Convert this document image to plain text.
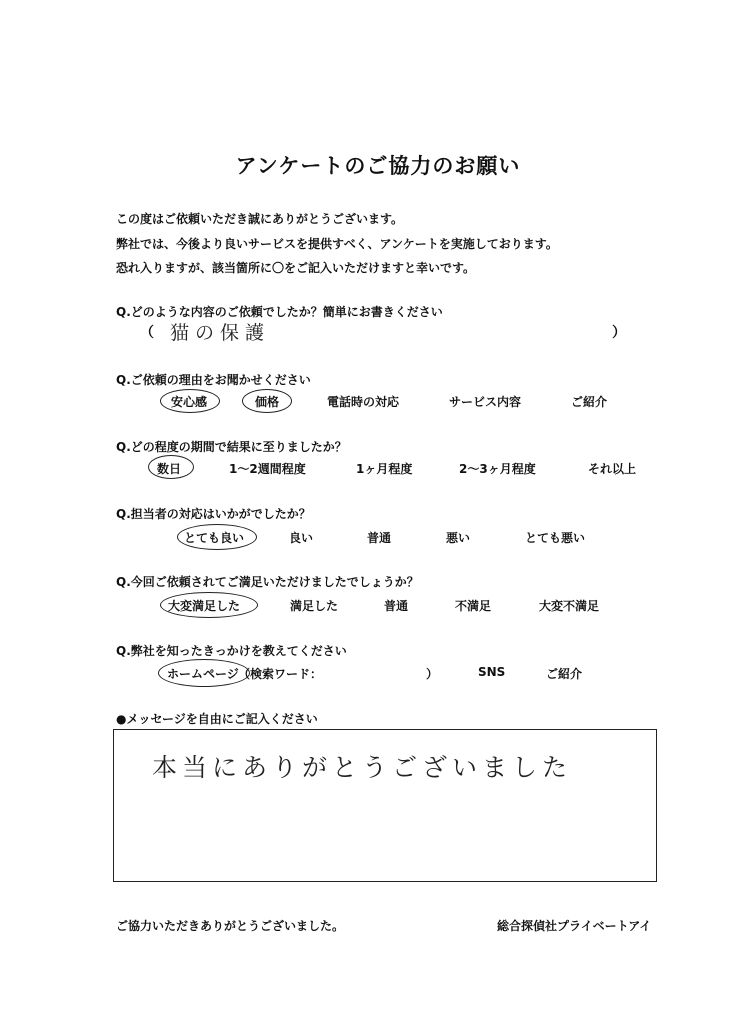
アンケートのご協力のお願い
この度はご依頼いただき誠にありがとうございます。
弊社では、今後より良いサービスを提供すべく、アンケートを実施しております。
恐れ入りますが、該当箇所に〇をご記入いただけますと幸いです。
Q.どのような内容のご依頼でしたか？簡単にお書きください
（ 猫の保護	）
Q.ご依頼の理由をお聞かせください
安心感	価格	電話時の対応	サービス内容	ご紹介
Q.どの程度の期間で結果に至りましたか？
数日	1～2週間程度	1ヶ月程度	2～3ヶ月程度	それ以上
Q.担当者の対応はいかがでしたか？
とても良い	良い	普通	悪い	とても悪い
Q.今回ご依頼されてご満足いただけましたでしょうか？
大変満足した	満足した	普通	不満足	大変不満足
Q.弊社を知ったきっかけを教えてください
ホームページ （検索ワード：	）	SNS	ご紹介
●メッセージを自由にご記入ください
本当にありがとうございました
ご協力いただきありがとうございました。	総合探偵社プライベートアイ
